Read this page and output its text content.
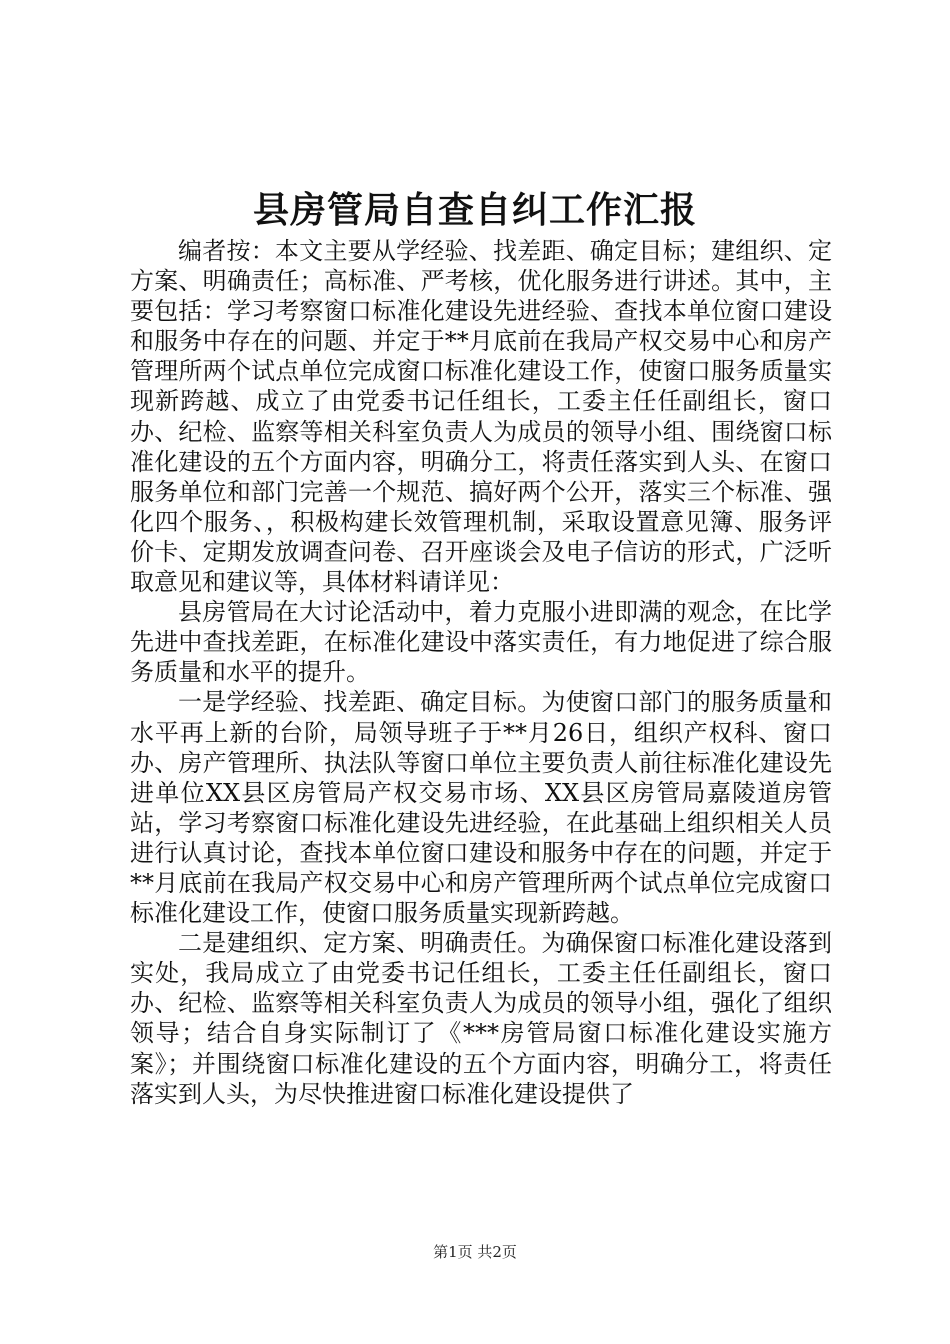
县房管局自查自纠工作汇报

编者按：本文主要从学经验、找差距、确定目标；建组织、定方案、明确责任；高标准、严考核，优化服务进行讲述。其中，主要包括：学习考察窗口标准化建设先进经验、查找本单位窗口建设和服务中存在的问题、并定于**月底前在我局产权交易中心和房产管理所两个试点单位完成窗口标准化建设工作，使窗口服务质量实现新跨越、成立了由党委书记任组长，工委主任任副组长，窗口办、纪检、监察等相关科室负责人为成员的领导小组、围绕窗口标准化建设的五个方面内容，明确分工，将责任落实到人头、在窗口服务单位和部门完善一个规范、搞好两个公开，落实三个标准、强化四个服务、，积极构建长效管理机制，采取设置意见簿、服务评价卡、定期发放调查问卷、召开座谈会及电子信访的形式，广泛听取意见和建议等，具体材料请详见：

县房管局在大讨论活动中，着力克服小进即满的观念，在比学先进中查找差距，在标准化建设中落实责任，有力地促进了综合服务质量和水平的提升。

一是学经验、找差距、确定目标。为使窗口部门的服务质量和水平再上新的台阶，局领导班子于**月26日，组织产权科、窗口办、房产管理所、执法队等窗口单位主要负责人前往标准化建设先进单位XX县区房管局产权交易市场、XX县区房管局嘉陵道房管站，学习考察窗口标准化建设先进经验，在此基础上组织相关人员进行认真讨论，查找本单位窗口建设和服务中存在的问题，并定于**月底前在我局产权交易中心和房产管理所两个试点单位完成窗口标准化建设工作，使窗口服务质量实现新跨越。

二是建组织、定方案、明确责任。为确保窗口标准化建设落到实处，我局成立了由党委书记任组长，工委主任任副组长，窗口办、纪检、监察等相关科室负责人为成员的领导小组，强化了组织领导；结合自身实际制订了《***房管局窗口标准化建设实施方案》；并围绕窗口标准化建设的五个方面内容，明确分工，将责任落实到人头，为尽快推进窗口标准化建设提供了

第1页 共2页
